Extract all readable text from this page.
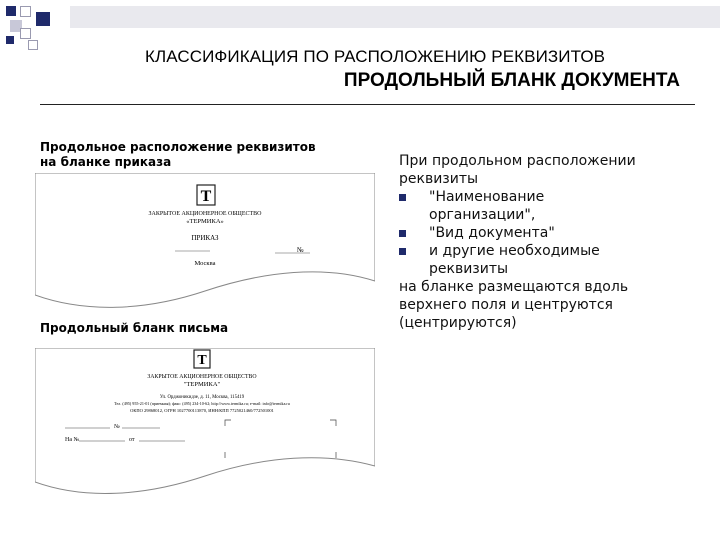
КЛАССИФИКАЦИЯ ПО РАСПОЛОЖЕНИЮ РЕКВИЗИТОВ
ПРОДОЛЬНЫЙ БЛАНК ДОКУМЕНТА
Продольное расположение реквизитов
на бланке приказа
Т
ЗАКРЫТОЕ АКЦИОНЕРНОЕ ОБЩЕСТВО
«ТЕРМИКА»
ПРИКАЗ
№
Москва
Продольный бланк письма
Т
ЗАКРЫТОЕ АКЦИОНЕРНОЕ ОБЩЕСТВО
"ТЕРМИКА"
Ул. Орджоникидзе, д. 11, Москва, 115419
Тел. (495) 955-21-01 (приемная); факс: (495) 234-10-62; http://www.termika.ru; e-mail: info@termika.ru
ОКПО 29868012, ОГРН 1027700113870, ИНН/КПП 7725021460/772501001
№
На №	от
При продольном расположении
реквизиты
"Наименование
организации",
"Вид документа"
и другие необходимые
реквизиты
на бланке размещаются вдоль
верхнего поля и центруются
(центрируются)
